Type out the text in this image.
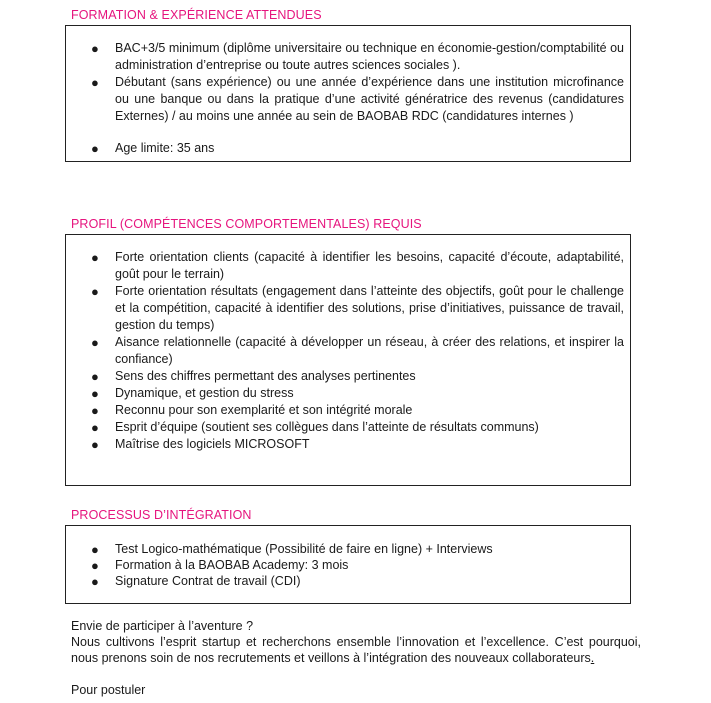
FORMATION & EXPÉRIENCE ATTENDUES
● BAC+3/5 minimum (diplôme universitaire ou technique en économie-gestion/comptabilité ou administration d’entreprise ou toute autres sciences sociales ).
● Débutant (sans expérience) ou une année d’expérience dans une institution microfinance ou une banque ou dans la pratique d’une activité génératrice des revenus (candidatures Externes) / au moins une année au sein de BAOBAB RDC (candidatures internes )
● Age limite: 35 ans
PROFIL (COMPÉTENCES COMPORTEMENTALES) REQUIS
● Forte orientation clients (capacité à identifier les besoins, capacité d’écoute, adaptabilité, goût pour le terrain)
● Forte orientation résultats (engagement dans l’atteinte des objectifs, goût pour le challenge et la compétition, capacité à identifier des solutions, prise d’initiatives, puissance de travail, gestion du temps)
● Aisance relationnelle (capacité à développer un réseau, à créer des relations, et inspirer la confiance)
● Sens des chiffres permettant des analyses pertinentes
● Dynamique, et gestion du stress
● Reconnu pour son exemplarité et son intégrité morale
● Esprit d’équipe (soutient ses collègues dans l’atteinte de résultats communs)
● Maîtrise des logiciels MICROSOFT
PROCESSUS D’INTÉGRATION
● Test Logico-mathématique (Possibilité de faire en ligne) + Interviews
● Formation à la BAOBAB Academy: 3 mois
● Signature Contrat de travail (CDI)

Envie de participer à l’aventure ?

Nous cultivons l’esprit startup et recherchons ensemble l’innovation et l’excellence. C’est pourquoi, nous prenons soin de nos recrutements et veillons à l’intégration des nouveaux collaborateurs.

Pour postuler
